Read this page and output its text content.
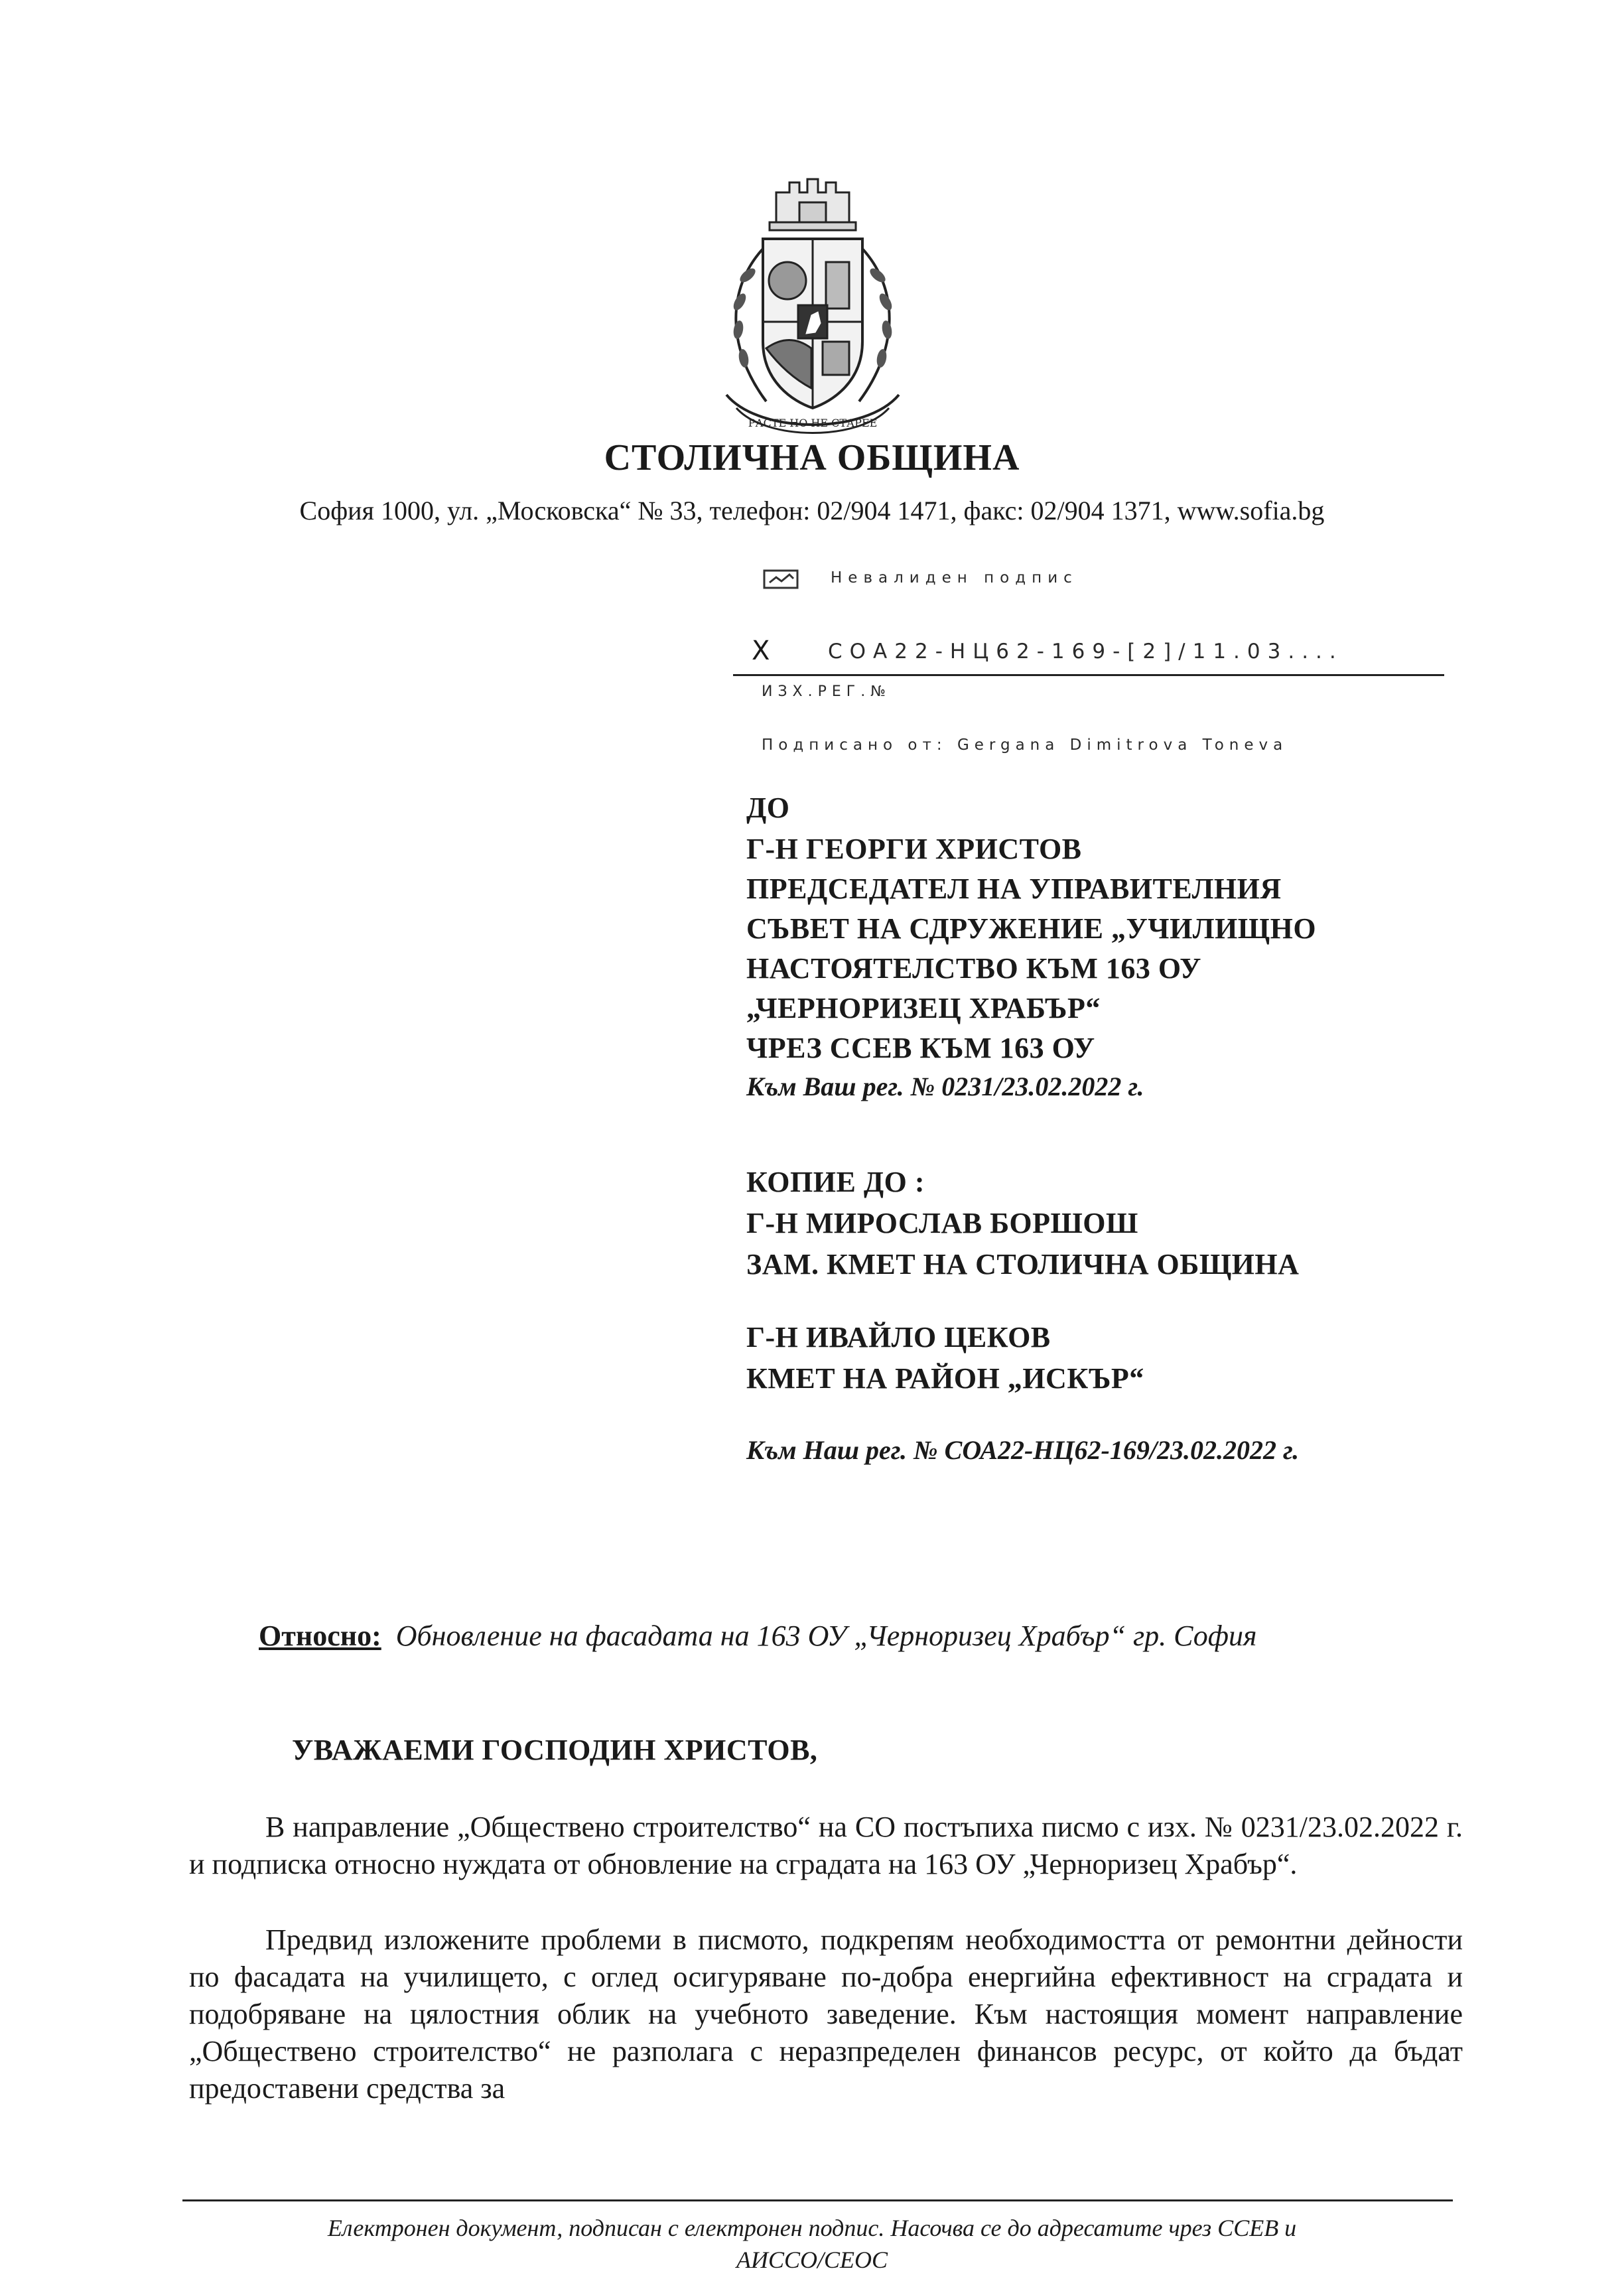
РАСТЕ НО НЕ СТАРЕЕ
СТОЛИЧНА ОБЩИНА
София 1000, ул. „Московска“ № 33, телефон: 02/904 1471, факс: 02/904 1371, www.sofia.bg
Невалиден подпис
X	СОА22-НЦ62-169-[2]/11.03....
ИЗХ.РЕГ.№
Подписано от: Gergana Dimitrova Toneva
ДО
Г-Н ГЕОРГИ ХРИСТОВ
ПРЕДСЕДАТЕЛ НА УПРАВИТЕЛНИЯ
СЪВЕТ НА СДРУЖЕНИЕ „УЧИЛИЩНО
НАСТОЯТЕЛСТВО КЪМ 163 ОУ
„ЧЕРНОРИЗЕЦ ХРАБЪР“
ЧРЕЗ ССЕВ КЪМ 163 ОУ
Към Ваш рег. № 0231/23.02.2022 г.
КОПИЕ ДО :
Г-Н МИРОСЛАВ БОРШОШ
ЗАМ. КМЕТ НА СТОЛИЧНА ОБЩИНА
Г-Н ИВАЙЛО ЦЕКОВ
КМЕТ НА РАЙОН „ИСКЪР“
Към Наш рег. № СОА22-НЦ62-169/23.02.2022 г.
Относно: Обновление на фасадата на 163 ОУ „Черноризец Храбър“ гр. София
УВАЖАЕМИ ГОСПОДИН ХРИСТОВ,
В направление „Обществено строителство“ на СО постъпиха писмо с изх. № 0231/23.02.2022 г. и подписка относно нуждата от обновление на сградата на 163 ОУ „Черноризец Храбър“.
Предвид изложените проблеми в писмото, подкрепям необходимостта от ремонтни дейности по фасадата на училището, с оглед осигуряване по-добра енергийна ефективност на сградата и подобряване на цялостния облик на учебното заведение. Към настоящия момент направление „Обществено строителство“ не разполага с неразпределен финансов ресурс, от който да бъдат предоставени средства за
Електронен документ, подписан с електронен подпис. Насочва се до адресатите чрез ССЕВ и
АИССО/СЕОС
